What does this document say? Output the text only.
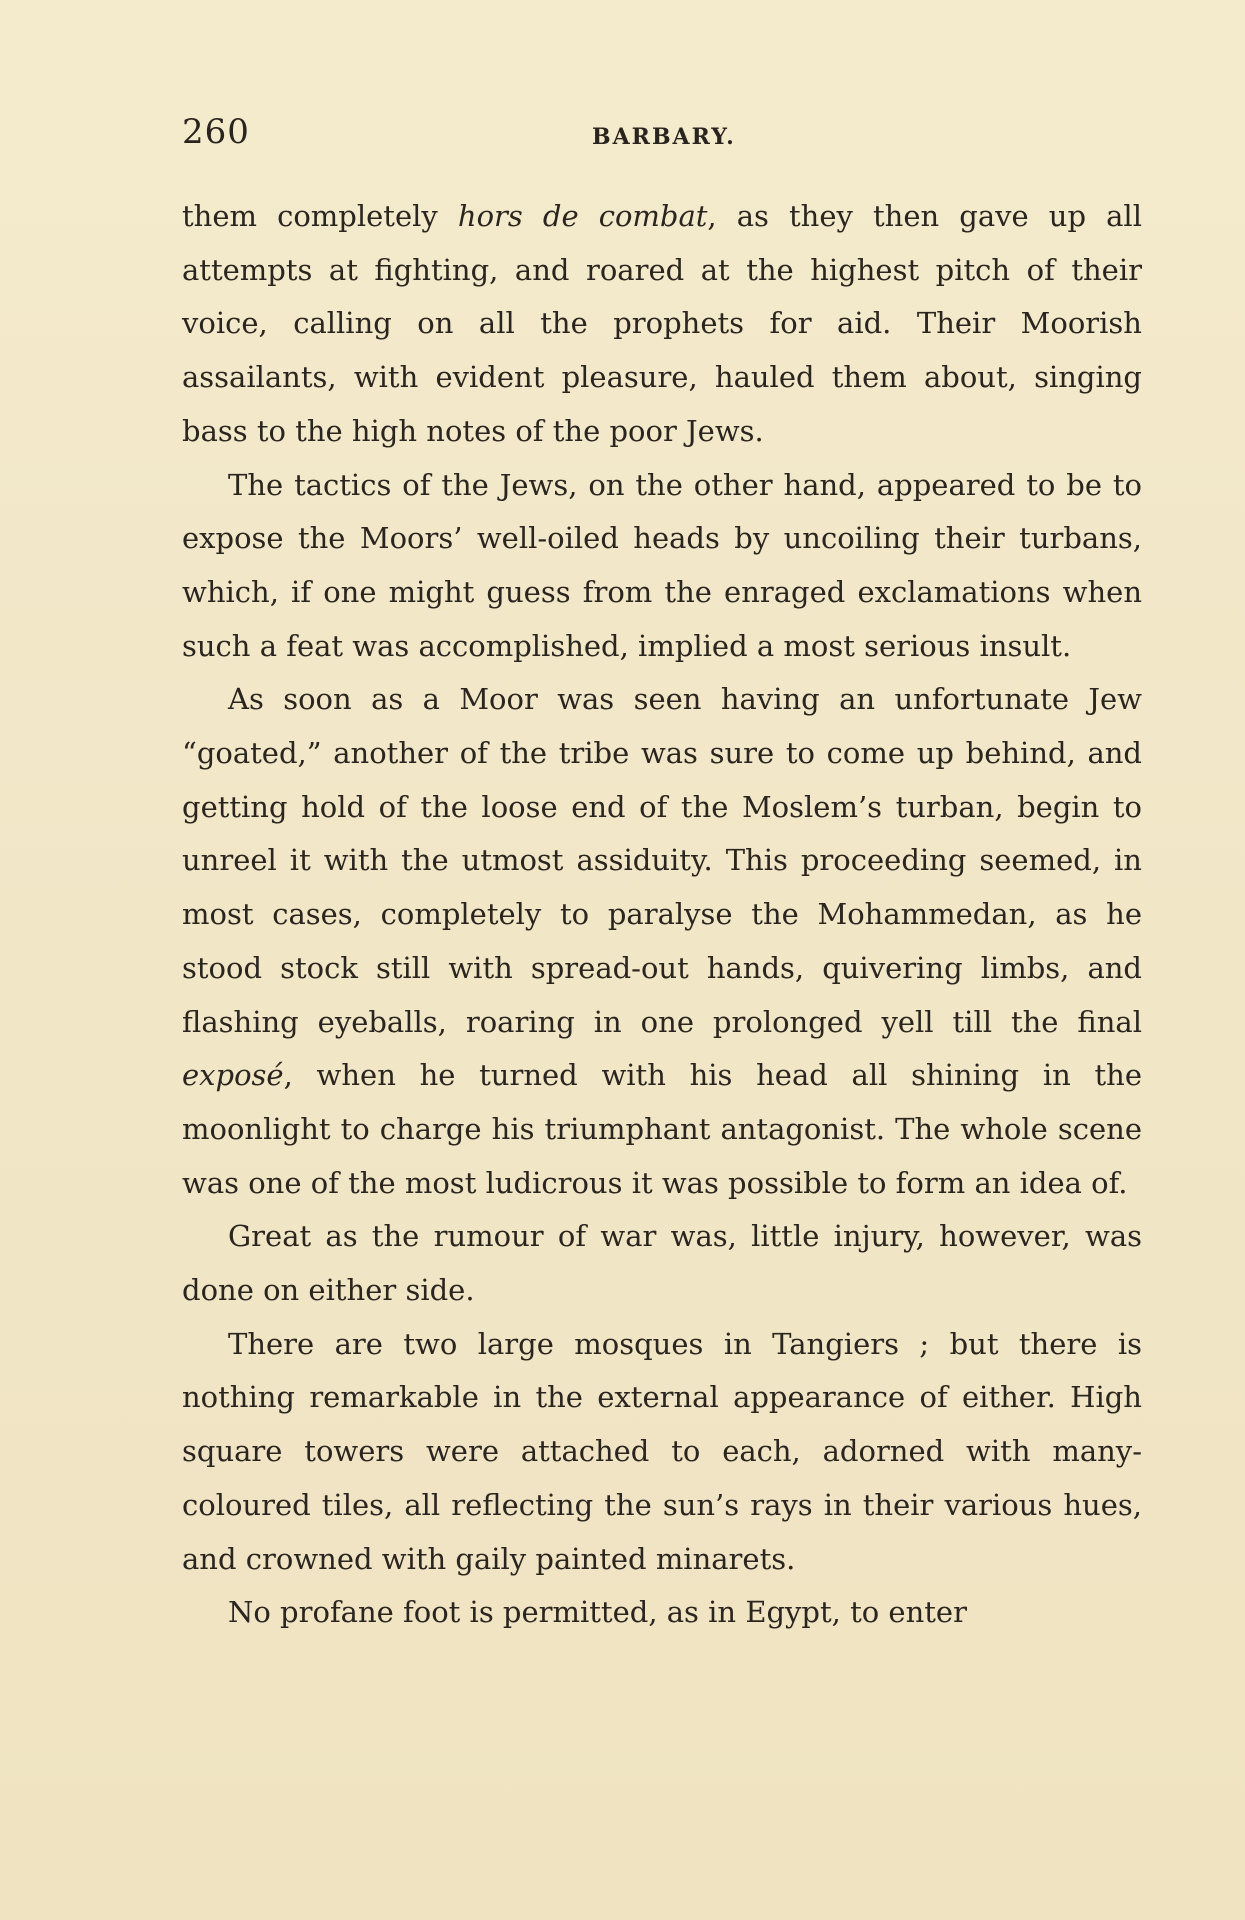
260	BARBARY.

them completely hors de combat, as they then gave up all attempts at fighting, and roared at the highest pitch of their voice, calling on all the prophets for aid. Their Moorish assailants, with evident pleasure, hauled them about, singing bass to the high notes of the poor Jews.

The tactics of the Jews, on the other hand, appeared to be to expose the Moors’ well-oiled heads by uncoiling their turbans, which, if one might guess from the enraged exclamations when such a feat was accomplished, implied a most serious insult.

As soon as a Moor was seen having an unfortunate Jew “goated,” another of the tribe was sure to come up behind, and getting hold of the loose end of the Moslem’s turban, begin to unreel it with the utmost assiduity. This proceeding seemed, in most cases, completely to paralyse the Mohammedan, as he stood stock still with spread-out hands, quivering limbs, and flashing eyeballs, roaring in one prolonged yell till the final exposé, when he turned with his head all shining in the moonlight to charge his triumphant antagonist. The whole scene was one of the most ludicrous it was possible to form an idea of.

Great as the rumour of war was, little injury, however, was done on either side.

There are two large mosques in Tangiers ; but there is nothing remarkable in the external appearance of either. High square towers were attached to each, adorned with many-coloured tiles, all reflecting the sun’s rays in their various hues, and crowned with gaily painted minarets.

No profane foot is permitted, as in Egypt, to enter
